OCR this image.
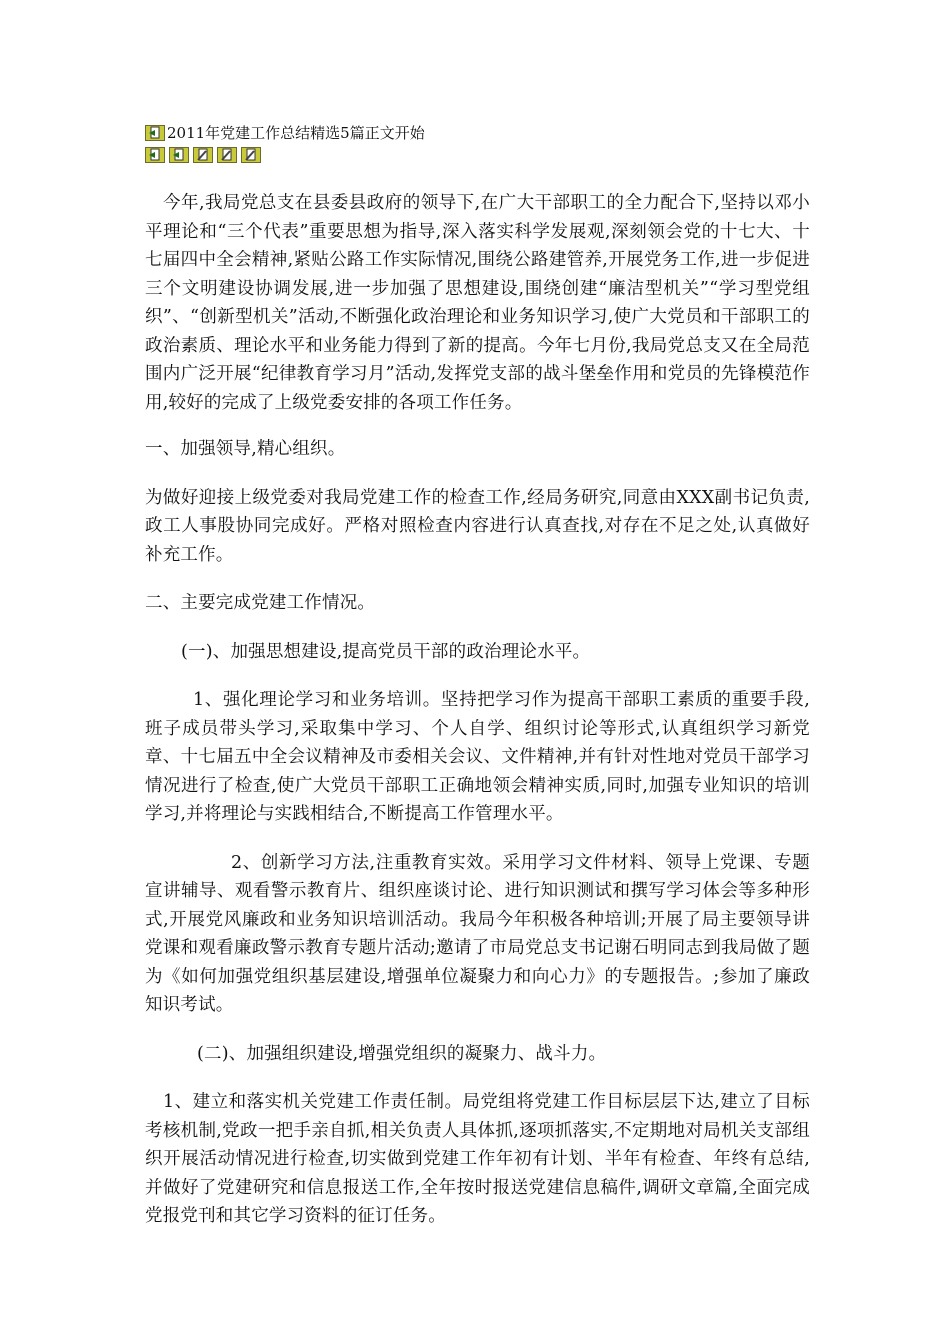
2011年党建工作总结精选5篇正文开始

今年,我局党总支在县委县政府的领导下,在广大干部职工的全力配合下,坚持以邓小平理论和“三个代表”重要思想为指导,深入落实科学发展观,深刻领会党的十七大、十七届四中全会精神,紧贴公路工作实际情况,围绕公路建管养,开展党务工作,进一步促进三个文明建设协调发展,进一步加强了思想建设,围绕创建“廉洁型机关”“学习型党组织”、“创新型机关”活动,不断强化政治理论和业务知识学习,使广大党员和干部职工的政治素质、理论水平和业务能力得到了新的提高。今年七月份,我局党总支又在全局范围内广泛开展“纪律教育学习月”活动,发挥党支部的战斗堡垒作用和党员的先锋模范作用,较好的完成了上级党委安排的各项工作任务。

一、加强领导,精心组织。

为做好迎接上级党委对我局党建工作的检查工作,经局务研究,同意由XXX副书记负责,政工人事股协同完成好。严格对照检查内容进行认真查找,对存在不足之处,认真做好补充工作。

二、主要完成党建工作情况。

(一)、加强思想建设,提高党员干部的政治理论水平。

1、强化理论学习和业务培训。坚持把学习作为提高干部职工素质的重要手段,班子成员带头学习,采取集中学习、个人自学、组织讨论等形式,认真组织学习新党章、十七届五中全会议精神及市委相关会议、文件精神,并有针对性地对党员干部学习情况进行了检查,使广大党员干部职工正确地领会精神实质,同时,加强专业知识的培训学习,并将理论与实践相结合,不断提高工作管理水平。

2、创新学习方法,注重教育实效。采用学习文件材料、领导上党课、专题宣讲辅导、观看警示教育片、组织座谈讨论、进行知识测试和撰写学习体会等多种形式,开展党风廉政和业务知识培训活动。我局今年积极各种培训;开展了局主要领导讲党课和观看廉政警示教育专题片活动;邀请了市局党总支书记谢石明同志到我局做了题为《如何加强党组织基层建设,增强单位凝聚力和向心力》的专题报告。;参加了廉政知识考试。

(二)、加强组织建设,增强党组织的凝聚力、战斗力。

1、建立和落实机关党建工作责任制。局党组将党建工作目标层层下达,建立了目标考核机制,党政一把手亲自抓,相关负责人具体抓,逐项抓落实,不定期地对局机关支部组织开展活动情况进行检查,切实做到党建工作年初有计划、半年有检查、年终有总结,并做好了党建研究和信息报送工作,全年按时报送党建信息稿件,调研文章篇,全面完成党报党刊和其它学习资料的征订任务。
